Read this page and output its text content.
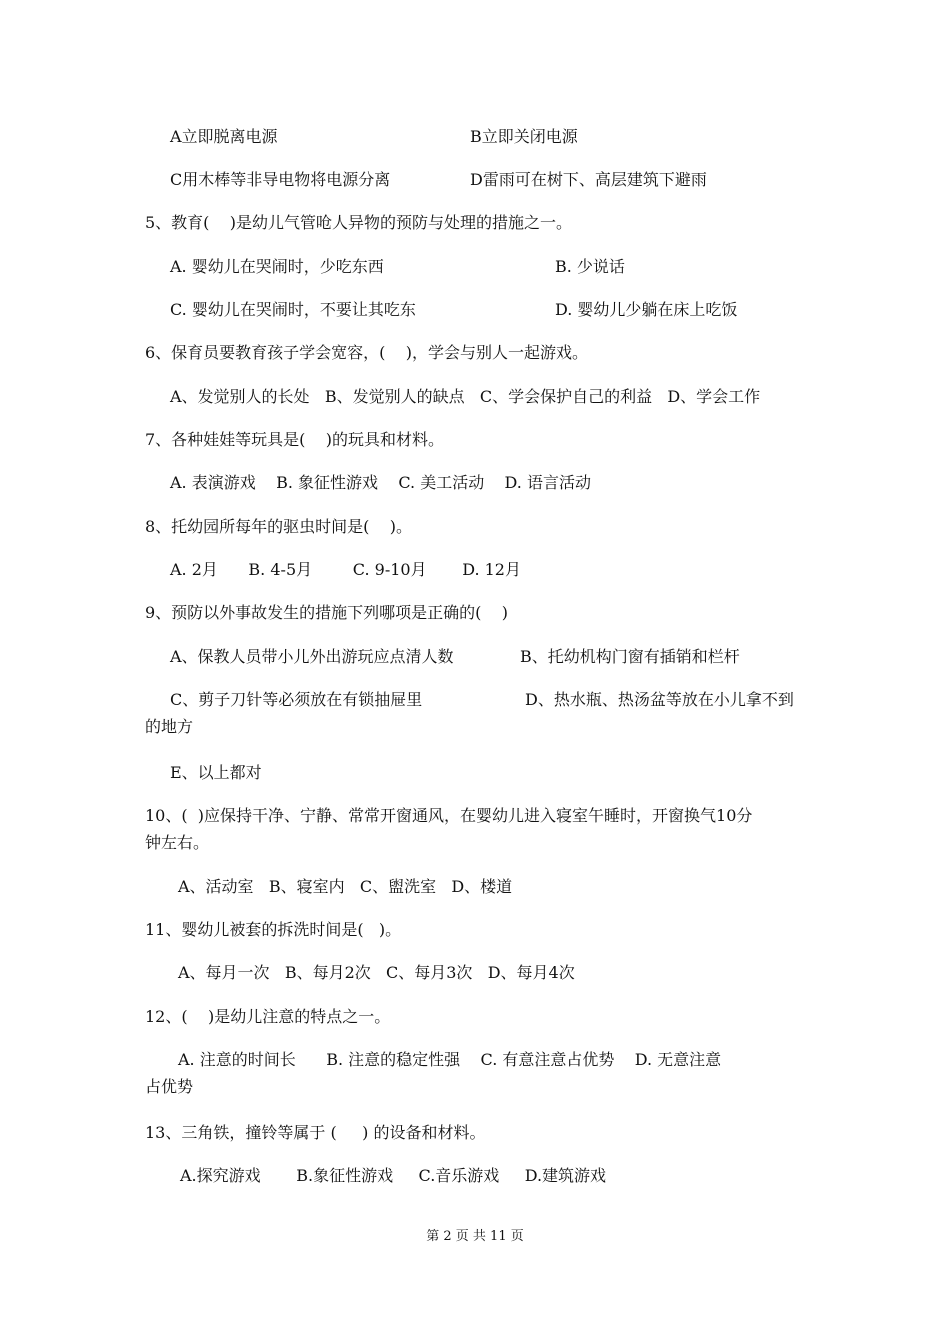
A立即脱离电源	B立即关闭电源
C用木棒等非导电物将电源分离	D雷雨可在树下、高层建筑下避雨
5、教育(    )是幼儿气管呛人异物的预防与处理的措施之一。
A. 婴幼儿在哭闹时，少吃东西	B. 少说话
C. 婴幼儿在哭闹时，不要让其吃东	D. 婴幼儿少躺在床上吃饭
6、保育员要教育孩子学会宽容，(    )，学会与别人一起游戏。
A、发觉别人的长处   B、发觉别人的缺点   C、学会保护自己的利益   D、学会工作
7、各种娃娃等玩具是(    )的玩具和材料。
A. 表演游戏    B. 象征性游戏    C. 美工活动    D. 语言活动
8、托幼园所每年的驱虫时间是(    )。
A. 2月      B. 4-5月        C. 9-10月       D. 12月
9、预防以外事故发生的措施下列哪项是正确的(    )
A、保教人员带小儿外出游玩应点清人数	B、托幼机构门窗有插销和栏杆
C、剪子刀针等必须放在有锁抽屉里	D、热水瓶、热汤盆等放在小儿拿不到
的地方
E、以上都对
10、(  )应保持干净、宁静、常常开窗通风，在婴幼儿进入寝室午睡时，开窗换气10分
钟左右。
A、活动室   B、寝室内   C、盥洗室   D、楼道
11、婴幼儿被套的拆洗时间是(   )。
A、每月一次   B、每月2次   C、每月3次   D、每月4次
12、(    )是幼儿注意的特点之一。
A. 注意的时间长      B. 注意的稳定性强    C. 有意注意占优势    D. 无意注意
占优势
13、三角铁，撞铃等属于 (     ) 的设备和材料。
A.探究游戏       B.象征性游戏     C.音乐游戏     D.建筑游戏
第 2 页 共 11 页
